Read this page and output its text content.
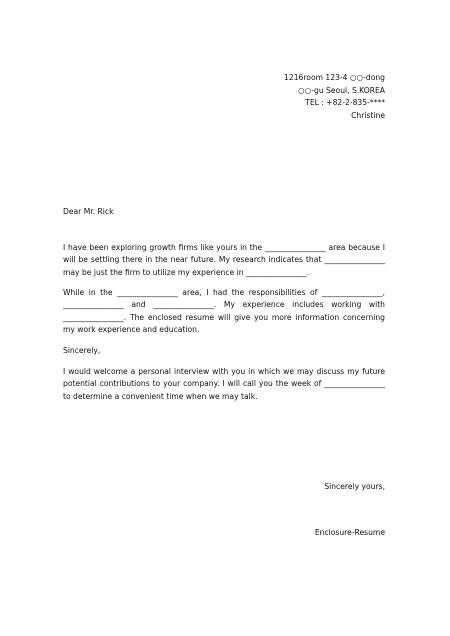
1216room 123-4 ○○-dong
○○-gu Seoul, S.KOREA
TEL : +82-2-835-****
Christine
Dear Mr. Rick

I have been exploring growth firms like yours in the ________________ area because I will be settling there in the near future. My research indicates that ________________ may be just the firm to utilize my experience in ________________.

While in the ________________ area, I had the responsibilities of ________________, ________________ and ________________. My experience includes working with ________________. The enclosed resume will give you more information concerning my work experience and education.

Sincerely,

I would welcome a personal interview with you in which we may discuss my future potential contributions to your company. I will call you the week of ________________ to determine a convenient time when we may talk.

Sincerely yours,
Enclosure-Resume
